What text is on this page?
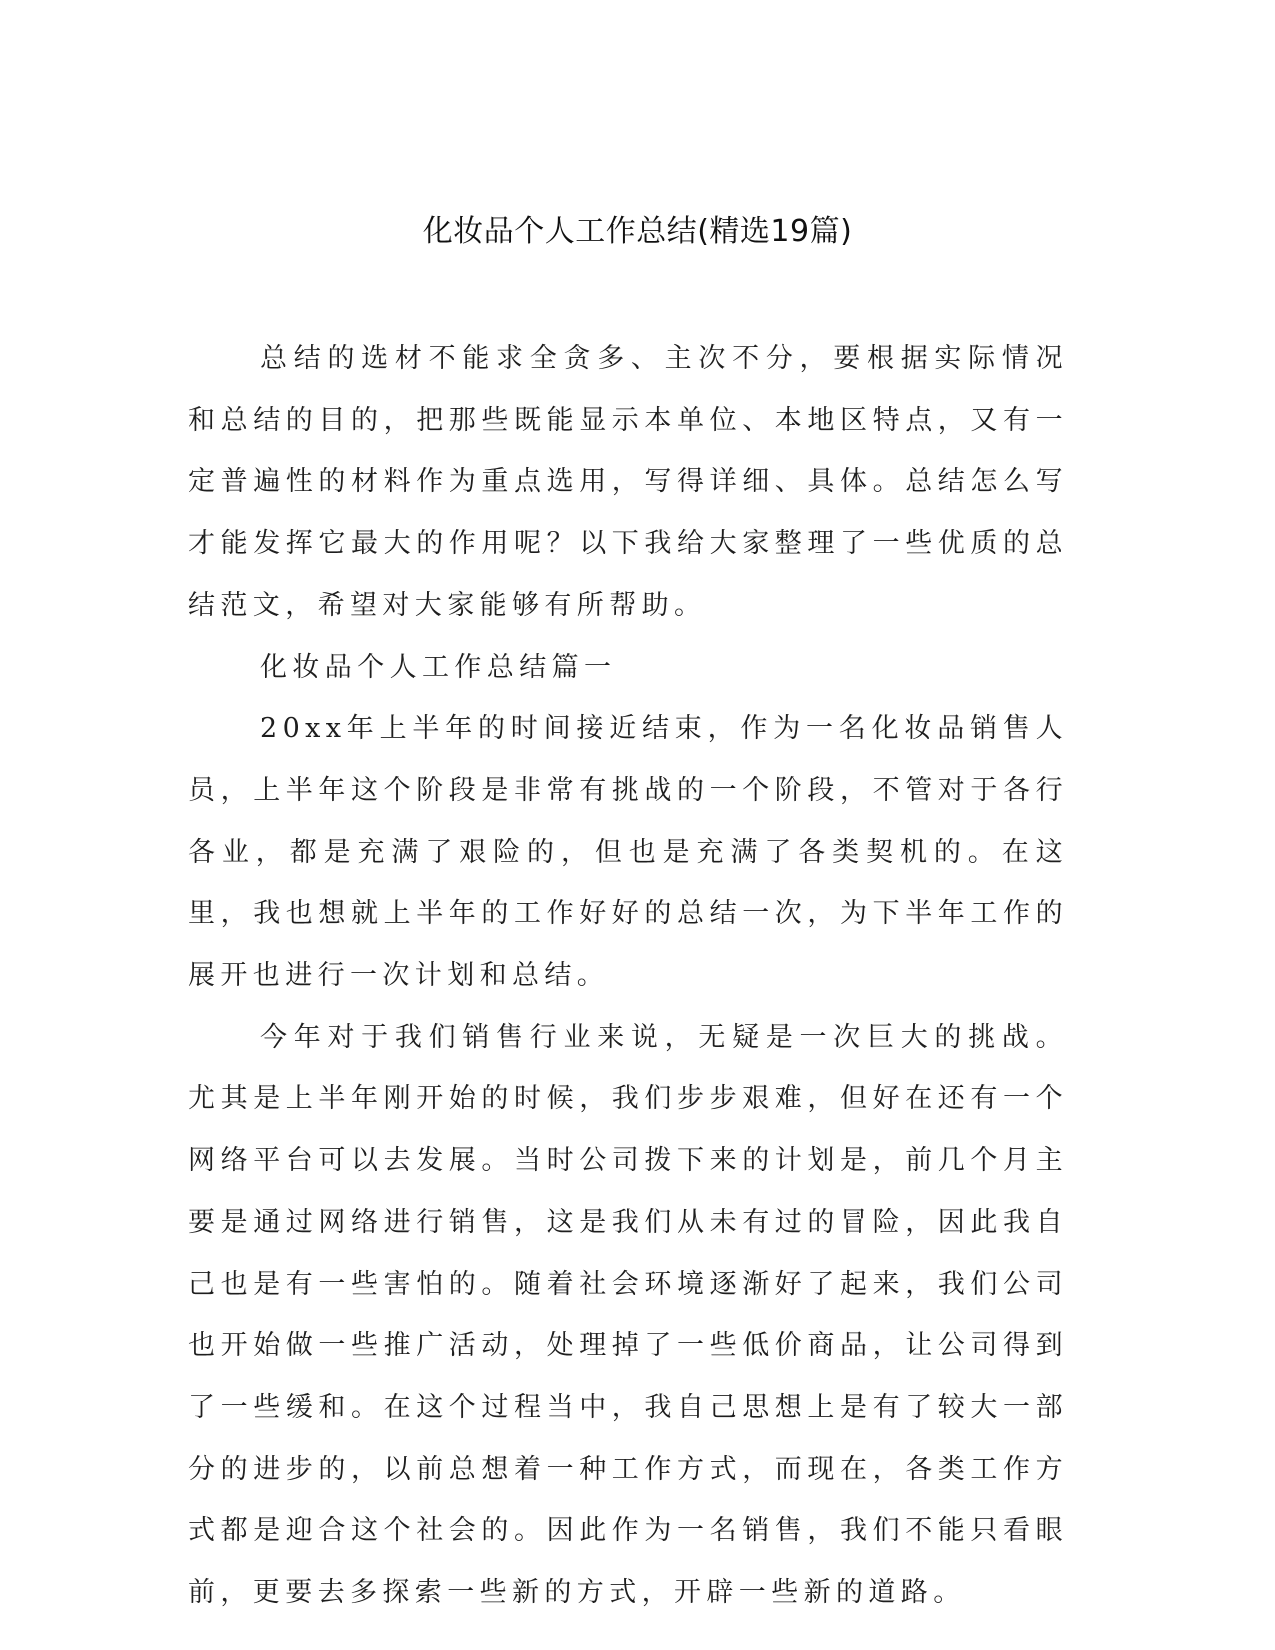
化妆品个人工作总结(精选19篇)

总结的选材不能求全贪多、主次不分，要根据实际情况和总结的目的，把那些既能显示本单位、本地区特点，又有一定普遍性的材料作为重点选用，写得详细、具体。总结怎么写才能发挥它最大的作用呢？以下我给大家整理了一些优质的总结范文，希望对大家能够有所帮助。

化妆品个人工作总结篇一

20xx年上半年的时间接近结束，作为一名化妆品销售人员，上半年这个阶段是非常有挑战的一个阶段，不管对于各行各业，都是充满了艰险的，但也是充满了各类契机的。在这里，我也想就上半年的工作好好的总结一次，为下半年工作的展开也进行一次计划和总结。

今年对于我们销售行业来说，无疑是一次巨大的挑战。尤其是上半年刚开始的时候，我们步步艰难，但好在还有一个网络平台可以去发展。当时公司拨下来的计划是，前几个月主要是通过网络进行销售，这是我们从未有过的冒险，因此我自己也是有一些害怕的。随着社会环境逐渐好了起来，我们公司也开始做一些推广活动，处理掉了一些低价商品，让公司得到了一些缓和。在这个过程当中，我自己思想上是有了较大一部分的进步的，以前总想着一种工作方式，而现在，各类工作方式都是迎合这个社会的。因此作为一名销售，我们不能只看眼前，更要去多探索一些新的方式，开辟一些新的道路。
